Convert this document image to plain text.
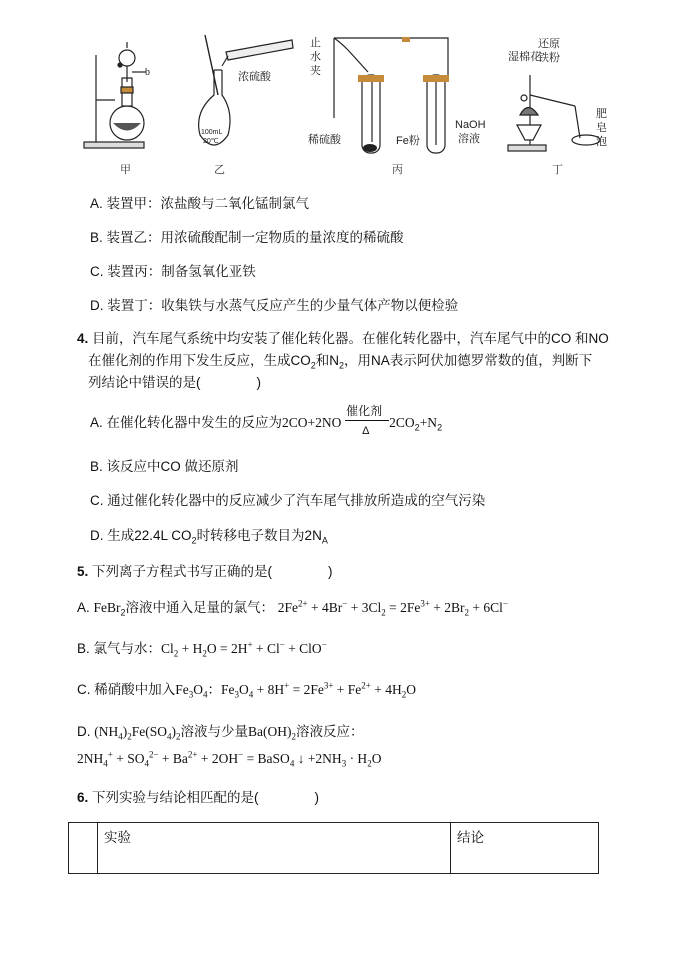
b
100mL
20℃
浓硫酸
止
水
夹
稀硫酸	Fe粉
NaOH
溶液
还原
铁粉
湿棉花
肥
皂
泡
甲	乙	丙	丁
A. 装置甲：浓盐酸与二氧化锰制氯气
B. 装置乙：用浓硫酸配制一定物质的量浓度的稀硫酸
C. 装置丙：制备氢氧化亚铁
D. 装置丁：收集铁与水蒸气反应产生的少量气体产物以便检验
4. 目前，汽车尾气系统中均安装了催化转化器。在催化转化器中，汽车尾气中的CO 和NO
在催化剂的作用下发生反应，生成$CO_2$和$N_2$，用NA表示阿伏加德罗常数的值，判断下
列结论中错误的是(	)
A. 在催化转化器中发生的反应为2CO+2NO
催化剂
Δ
$2CO_2+N_2$
B. 该反应中CO 做还原剂
C. 通过催化转化器中的反应减少了汽车尾气排放所造成的空气污染
D. 生成22.4L $CO_2$时转移电子数目为$2N_A$
5. 下列离子方程式书写正确的是(	)
A. FeBr$_2$溶液中通入足量的氯气： $2Fe^{2+} + 4Br^- + 3Cl_2 = 2Fe^{3+} + 2Br_2 + 6Cl^-$
B. 氯气与水：$Cl_2 + H_2O = 2H^+ + Cl^- + ClO^-$
C. 稀硝酸中加入$Fe_3O_4$：$Fe_3O_4 + 8H^+ = 2Fe^{3+} + Fe^{2+} + 4H_2O$
D. $(NH_4)_2Fe(SO_4)_2$溶液与少量$Ba(OH)_2$溶液反应：
$2NH_4^+ + SO_4^{2-} + Ba^{2+} + 2OH^-$ = BaSO$_4$ ↓ $+2NH_3 \cdot H_2O$
6. 下列实验与结论相匹配的是(	)
	实验	结论
